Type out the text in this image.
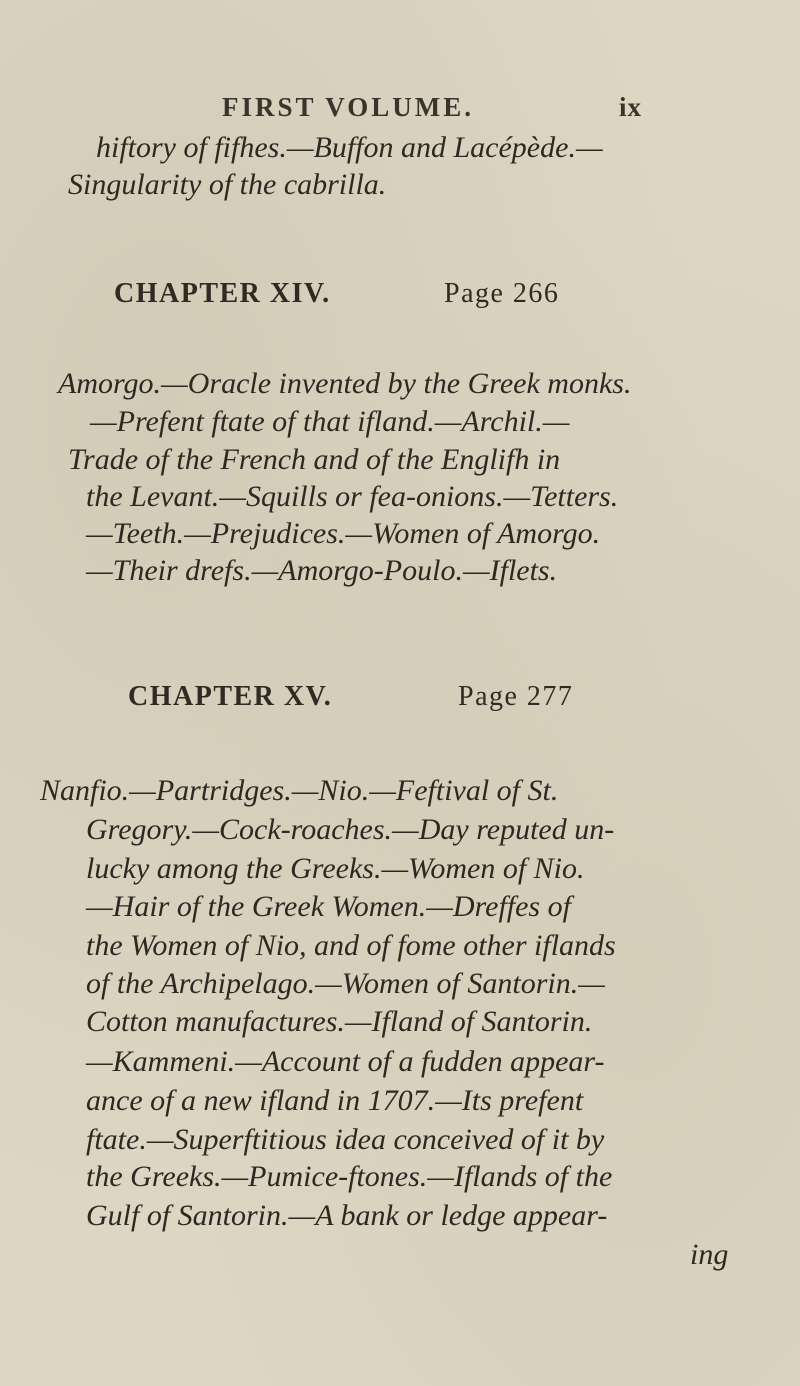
FIRST VOLUME.	ix
hiftory of fifhes.—Buffon and Lacépède.—
Singularity of the cabrilla.
CHAPTER XIV.	Page 266
Amorgo.—Oracle invented by the Greek monks.
—Prefent ftate of that ifland.—Archil.—
Trade of the French and of the Englifh in
the Levant.—Squills or fea-onions.—Tetters.
—Teeth.—Prejudices.—Women of Amorgo.
—Their drefs.—Amorgo-Poulo.—Iflets.
CHAPTER XV.	Page 277
Nanfio.—Partridges.—Nio.—Feftival of St.
Gregory.—Cock-roaches.—Day reputed un-
lucky among the Greeks.—Women of Nio.
—Hair of the Greek Women.—Dreffes of
the Women of Nio, and of fome other iflands
of the Archipelago.—Women of Santorin.—
Cotton manufactures.—Ifland of Santorin.
—Kammeni.—Account of a fudden appear-
ance of a new ifland in 1707.—Its prefent
ftate.—Superftitious idea conceived of it by
the Greeks.—Pumice-ftones.—Iflands of the
Gulf of Santorin.—A bank or ledge appear-
ing
